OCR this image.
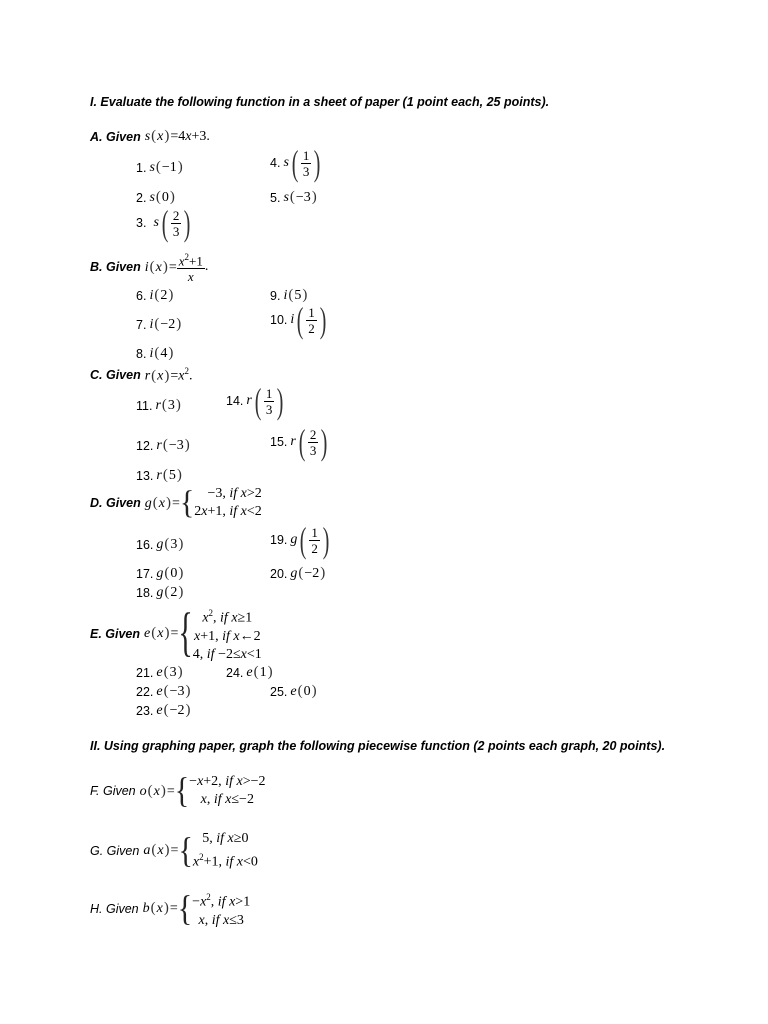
I. Evaluate the following function in a sheet of paper (1 point each, 25 points).
A. Given s(x)=4x+3.
1. s(−1)	4. s ( $\frac{1}{3}$ )
2. s(0)	5. s(−3)
3. s ( $\frac{2}{3}$ )
B. Given $i(x)= \frac{x^2+1}{x}$ .
6. i(2)	9. i(5)
7. i(−2)	10. i ( $\frac{1}{2}$ )
8. i(4)
C. Given $r(x)=x^2$.
11. r(3)	14. r ( $\frac{1}{3}$ )
12. r(−3)	15. r ( $\frac{2}{3}$ )
13. r(5)
D. Given g(x)= { −3, if x>2
2x+1, if x<2
16. g(3)	19. g ( $\frac{1}{2}$ )
17. g(0)	20. g(−2)
18. g(2)
E. Given e(x)= { $x^2$, if x≥1
x+1, if x←2
4, if −2≤x<1
21. e(3)	24. e(1)
22. e(−3)	25. e(0)
23. e(−2)
II. Using graphing paper, graph the following piecewise function (2 points each graph, 20 points).
F. Given o(x)= { −x+2, if x>−2
x, if x≤−2
G. Given a(x)= { 5, if x≥0
$x^2+1$, if x<0
H. Given b(x)= { $-x^2$, if x>1
x, if x≤3
